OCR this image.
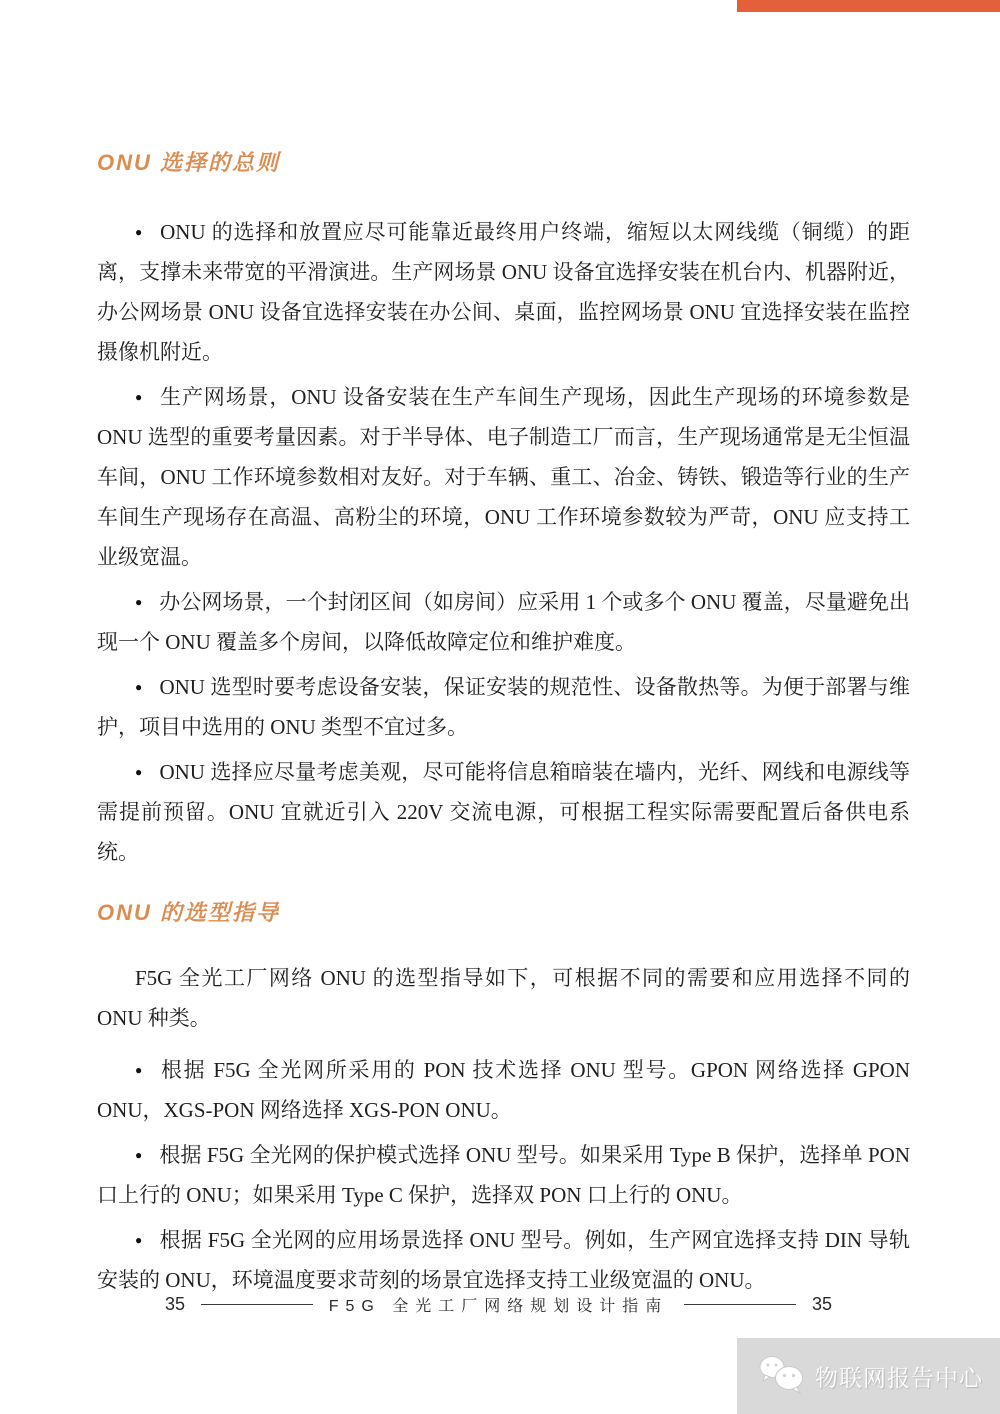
ONU 选择的总则

● ONU 的选择和放置应尽可能靠近最终用户终端，缩短以太网线缆（铜缆）的距离，支撑未来带宽的平滑演进。生产网场景 ONU 设备宜选择安装在机台内、机器附近，办公网场景 ONU 设备宜选择安装在办公间、桌面，监控网场景 ONU 宜选择安装在监控摄像机附近。

● 生产网场景，ONU 设备安装在生产车间生产现场，因此生产现场的环境参数是 ONU 选型的重要考量因素。对于半导体、电子制造工厂而言，生产现场通常是无尘恒温车间，ONU 工作环境参数相对友好。对于车辆、重工、冶金、铸铁、锻造等行业的生产车间生产现场存在高温、高粉尘的环境，ONU 工作环境参数较为严苛，ONU 应支持工业级宽温。

● 办公网场景，一个封闭区间（如房间）应采用 1 个或多个 ONU 覆盖，尽量避免出现一个 ONU 覆盖多个房间，以降低故障定位和维护难度。

● ONU 选型时要考虑设备安装，保证安装的规范性、设备散热等。为便于部署与维护，项目中选用的 ONU 类型不宜过多。

● ONU 选择应尽量考虑美观，尽可能将信息箱暗装在墙内，光纤、网线和电源线等需提前预留。ONU 宜就近引入 220V 交流电源，可根据工程实际需要配置后备供电系统。

ONU 的选型指导

F5G 全光工厂网络 ONU 的选型指导如下，可根据不同的需要和应用选择不同的 ONU 种类。

● 根据 F5G 全光网所采用的 PON 技术选择 ONU 型号。GPON 网络选择 GPON ONU，XGS-PON 网络选择 XGS-PON ONU。

● 根据 F5G 全光网的保护模式选择 ONU 型号。如果采用 Type B 保护，选择单 PON 口上行的 ONU；如果采用 Type C 保护，选择双 PON 口上行的 ONU。

● 根据 F5G 全光网的应用场景选择 ONU 型号。例如，生产网宜选择支持 DIN 导轨安装的 ONU，环境温度要求苛刻的场景宜选择支持工业级宽温的 ONU。

35	F5G 全光工厂网络规划设计指南	35
物联网报告中心
